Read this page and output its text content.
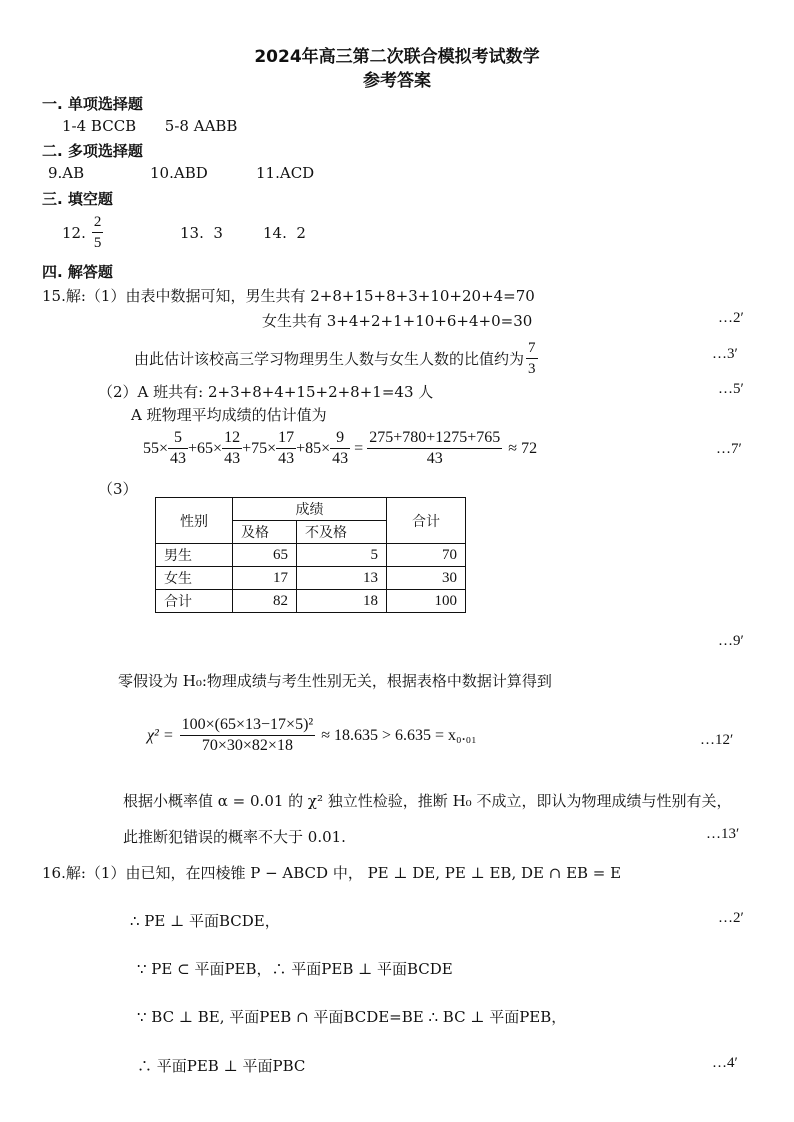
2024年高三第二次联合模拟考试数学
参考答案
一. 单项选择题
1-4 BCCB      5-8 AABB
二. 多项选择题
9.AB	10.ABD	11.ACD
三. 填空题
12. $\frac{2}{5}$	13.  3	14.  2
四. 解答题
15.解:（1）由表中数据可知，男生共有 2+8+15+8+3+10+20+4=70
女生共有 3+4+2+1+10+6+4+0=30	…2′
由此估计该校高三学习物理男生人数与女生人数的比值约为 $\frac{7}{3}$	…3′
（2）A 班共有: 2+3+8+4+15+2+8+1=43 人	…5′
A 班物理平均成绩的估计值为
$55\times \frac{5}{43} +65\times \frac{12}{43} +75\times \frac{17}{43} +85\times \frac{9}{43} = \frac{275+780+1275+765}{43} \approx 72$	…7′
（3）
性别	成绩		合计
	及格	不及格	
男生	65	5	70
女生	17	13	30
合计	82	18	100
…9′
零假设为 H₀:物理成绩与考生性别无关，根据表格中数据计算得到
$\chi^2 = \frac{\text{100×(65×13−17×5)²}}{70\times 30\times 82\times 18} \approx 18.635 > 6.635 = x_0._{01}$	…12′
根据小概率值 α = 0.01 的 χ² 独立性检验，推断 H₀ 不成立，即认为物理成绩与性别有关，
此推断犯错误的概率不大于 0.01.	…13′
16.解:（1）由已知，在四棱锥 P − ABCD 中， PE ⊥ DE, PE ⊥ EB, DE ∩ EB = E
∴ PE ⊥ 平面BCDE，	…2′
∵ PE ⊂ 平面PEB，∴ 平面PEB ⊥ 平面BCDE
∵ BC ⊥ BE, 平面PEB ∩ 平面BCDE=BE ∴ BC ⊥ 平面PEB，
∴ 平面PEB ⊥ 平面PBC	…4′
